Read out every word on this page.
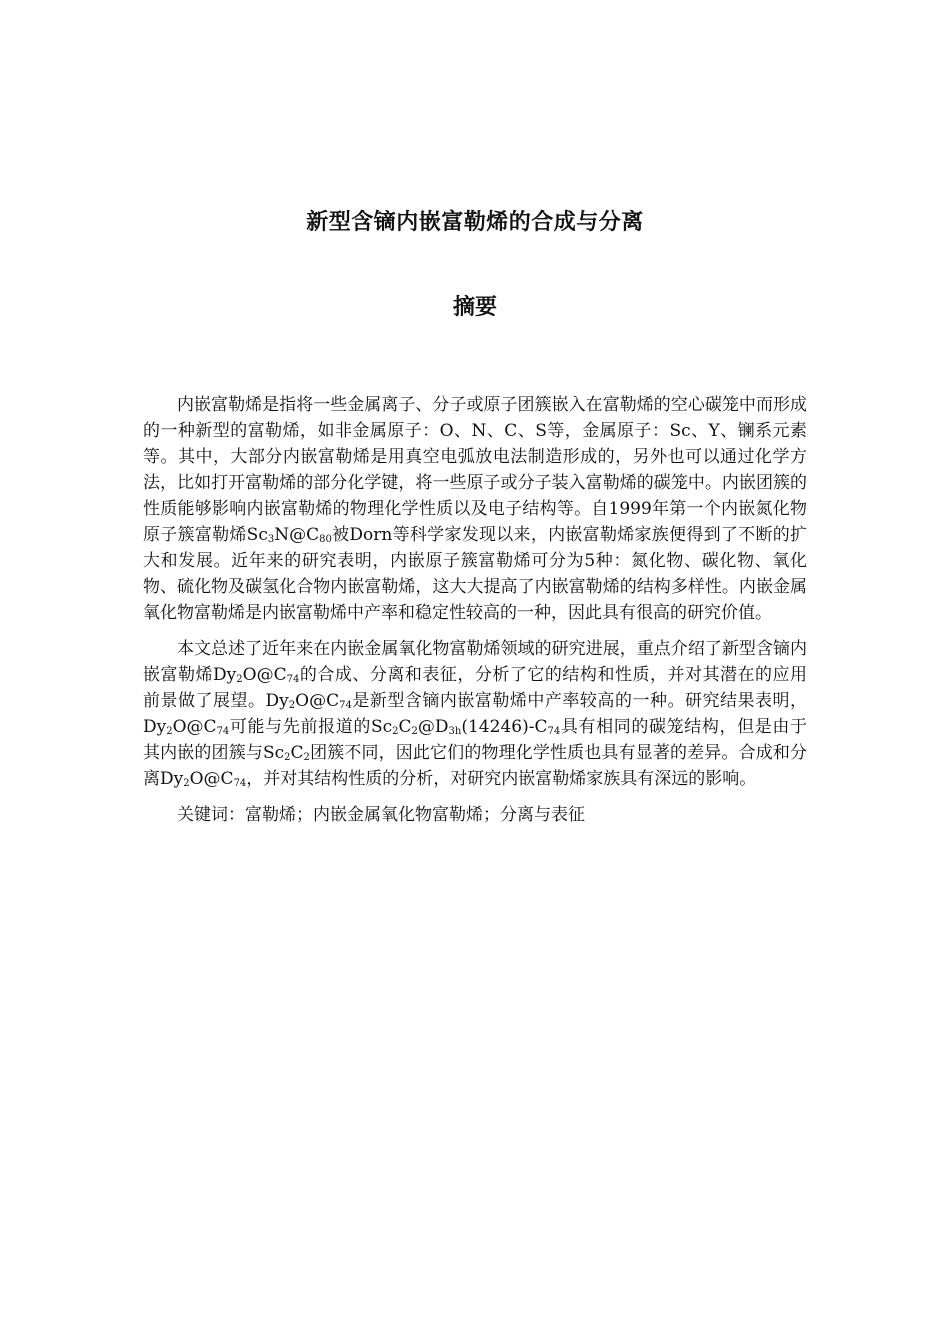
新型含镝内嵌富勒烯的合成与分离
摘要

内嵌富勒烯是指将一些金属离子、分子或原子团簇嵌入在富勒烯的空心碳笼中而形成的一种新型的富勒烯，如非金属原子：O、N、C、S等，金属原子：Sc、Y、镧系元素等。其中，大部分内嵌富勒烯是用真空电弧放电法制造形成的，另外也可以通过化学方法，比如打开富勒烯的部分化学键，将一些原子或分子装入富勒烯的碳笼中。内嵌团簇的性质能够影响内嵌富勒烯的物理化学性质以及电子结构等。自1999年第一个内嵌氮化物原子簇富勒烯$Sc_3N@C_{80}$被Dorn等科学家发现以来，内嵌富勒烯家族便得到了不断的扩大和发展。近年来的研究表明，内嵌原子簇富勒烯可分为5种：氮化物、碳化物、氧化物、硫化物及碳氢化合物内嵌富勒烯，这大大提高了内嵌富勒烯的结构多样性。内嵌金属氧化物富勒烯是内嵌富勒烯中产率和稳定性较高的一种，因此具有很高的研究价值。

本文总述了近年来在内嵌金属氧化物富勒烯领域的研究进展，重点介绍了新型含镝内嵌富勒烯$Dy_2O@C_{74}$的合成、分离和表征，分析了它的结构和性质，并对其潜在的应用前景做了展望。$Dy_2O@C_{74}$是新型含镝内嵌富勒烯中产率较高的一种。研究结果表明，$Dy_2O@C_{74}$可能与先前报道的$Sc_2C_2@D_{3h}(14246)-C_{74}$具有相同的碳笼结构，但是由于其内嵌的团簇与$Sc_2C_2$团簇不同，因此它们的物理化学性质也具有显著的差异。合成和分离$Dy_2O@C_{74}$，并对其结构性质的分析，对研究内嵌富勒烯家族具有深远的影响。

关键词：富勒烯；内嵌金属氧化物富勒烯；分离与表征
